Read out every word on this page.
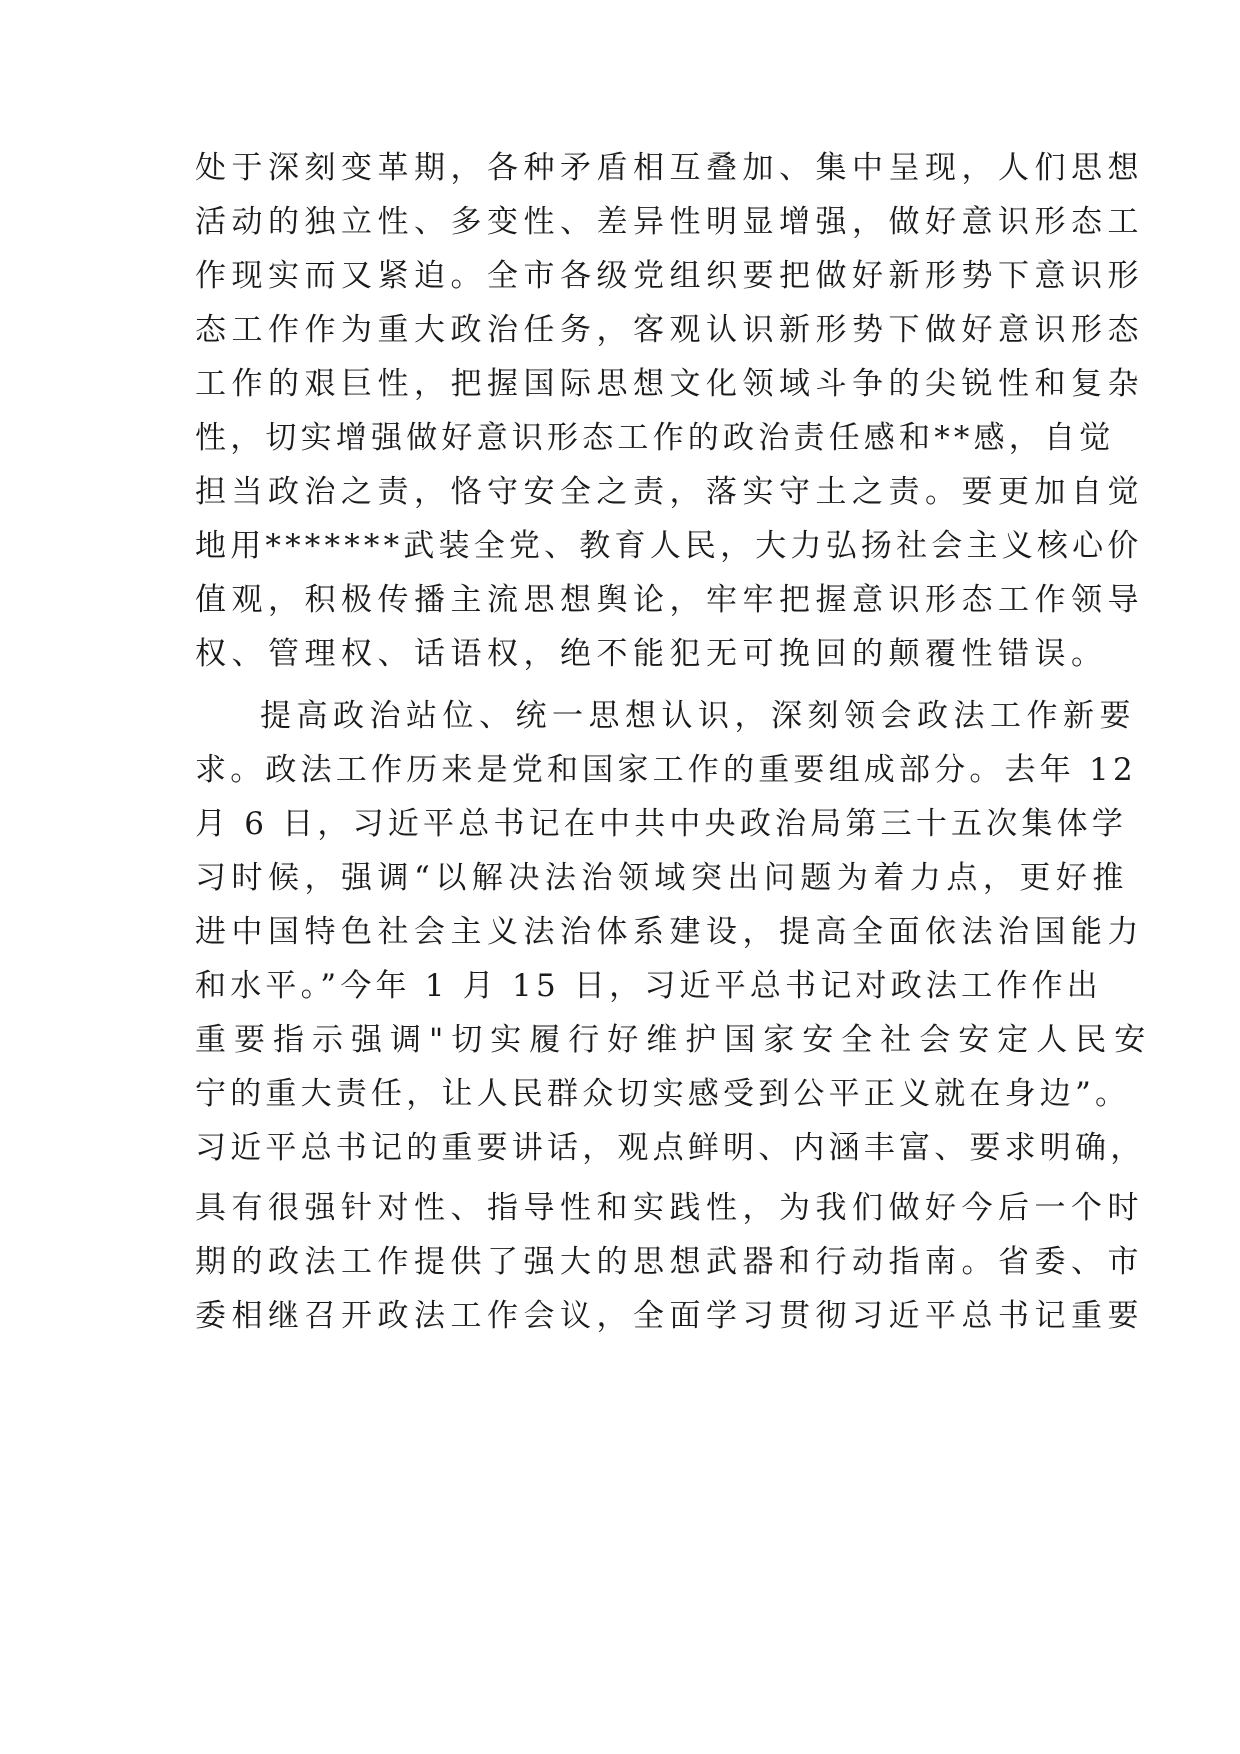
处于深刻变革期，各种矛盾相互叠加、集中呈现，人们思想
活动的独立性、多变性、差异性明显增强，做好意识形态工
作现实而又紧迫。全市各级党组织要把做好新形势下意识形
态工作作为重大政治任务，客观认识新形势下做好意识形态
工作的艰巨性，把握国际思想文化领域斗争的尖锐性和复杂
性，切实增强做好意识形态工作的政治责任感和**感，自觉
担当政治之责，恪守安全之责，落实守土之责。要更加自觉
地用*******武装全党、教育人民，大力弘扬社会主义核心价
值观，积极传播主流思想舆论，牢牢把握意识形态工作领导
权、管理权、话语权，绝不能犯无可挽回的颠覆性错误。
提高政治站位、统一思想认识，深刻领会政法工作新要
求。政法工作历来是党和国家工作的重要组成部分。去年 12
月 6 日，习近平总书记在中共中央政治局第三十五次集体学
习时候，强调“以解决法治领域突出问题为着力点，更好推
进中国特色社会主义法治体系建设，提高全面依法治国能力
和水平。”今年 1 月 15 日，习近平总书记对政法工作作出
重要指示强调"切实履行好维护国家安全社会安定人民安
宁的重大责任，让人民群众切实感受到公平正义就在身边”。
习近平总书记的重要讲话，观点鲜明、内涵丰富、要求明确，
具有很强针对性、指导性和实践性，为我们做好今后一个时
期的政法工作提供了强大的思想武器和行动指南。省委、市
委相继召开政法工作会议，全面学习贯彻习近平总书记重要
